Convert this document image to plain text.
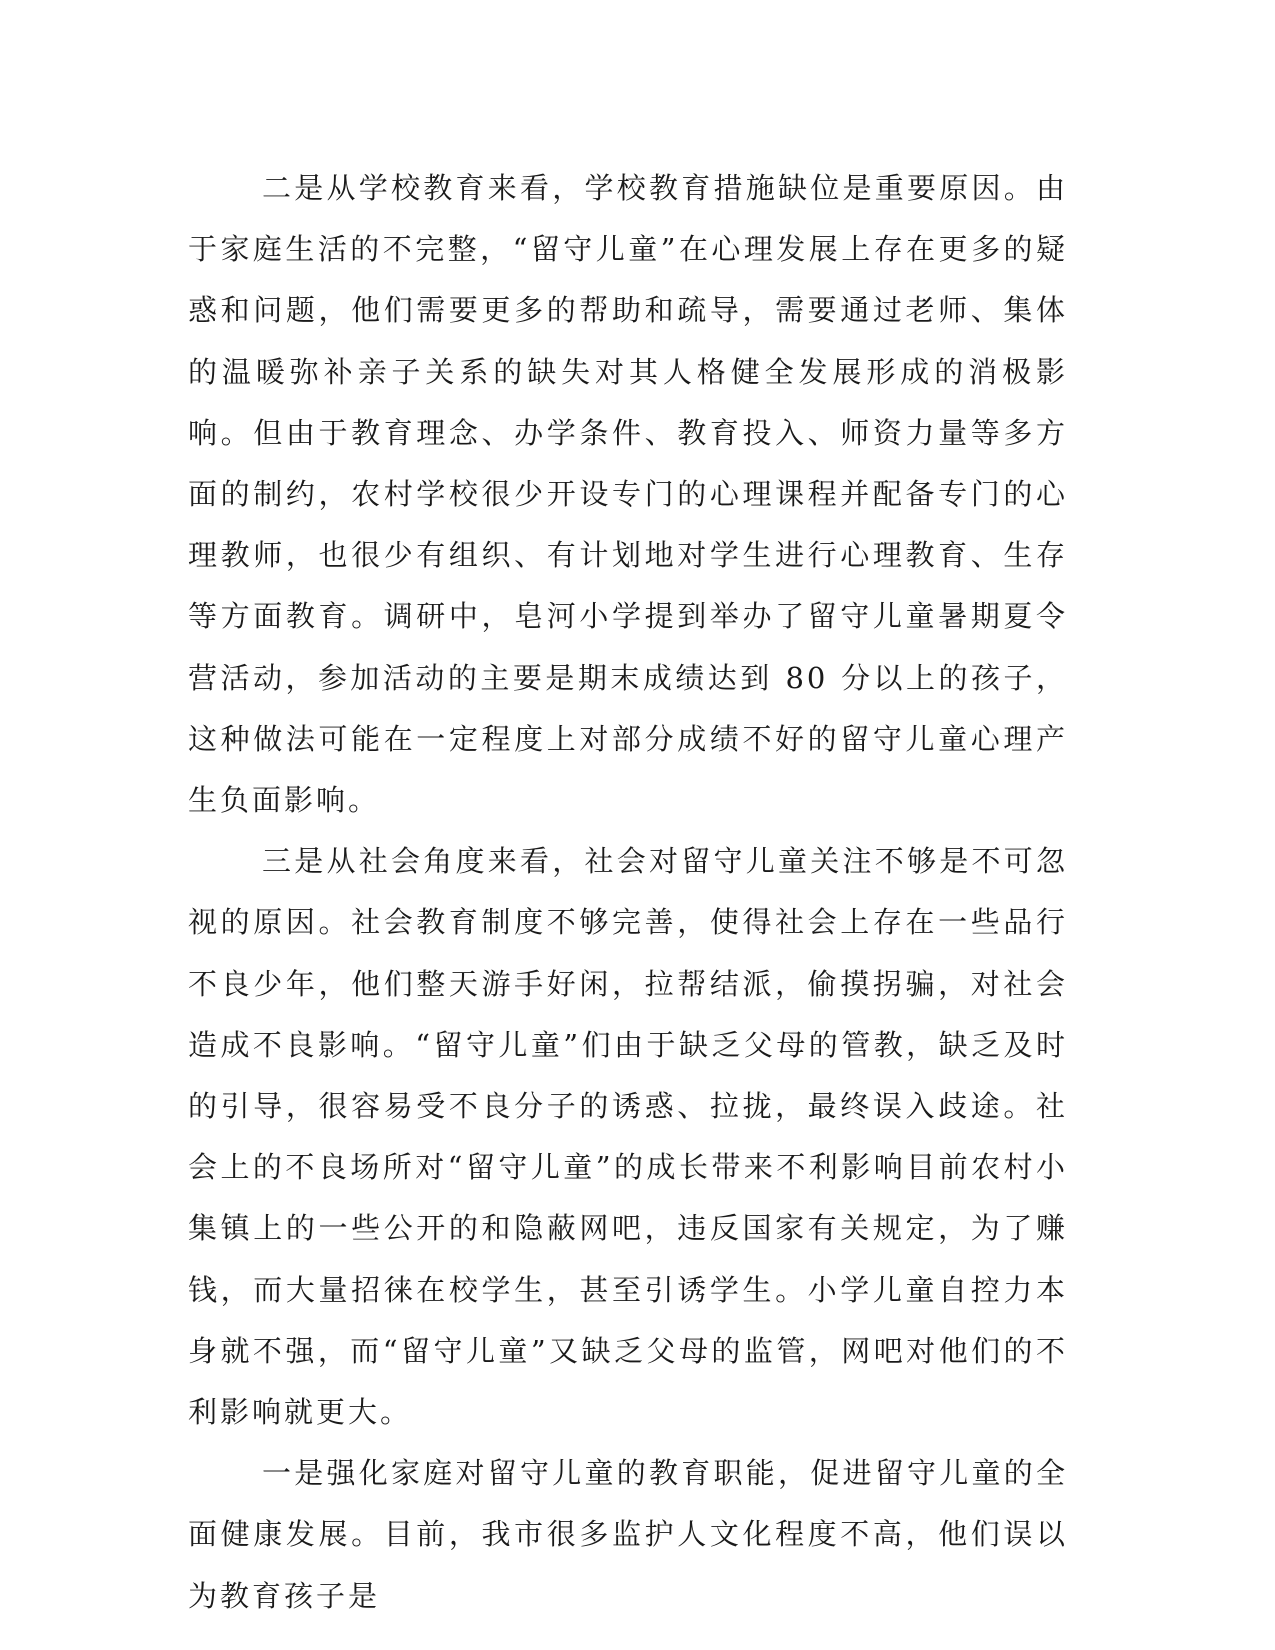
二是从学校教育来看，学校教育措施缺位是重要原因。由于家庭生活的不完整，“留守儿童”在心理发展上存在更多的疑惑和问题，他们需要更多的帮助和疏导，需要通过老师、集体的温暖弥补亲子关系的缺失对其人格健全发展形成的消极影响。但由于教育理念、办学条件、教育投入、师资力量等多方面的制约，农村学校很少开设专门的心理课程并配备专门的心理教师，也很少有组织、有计划地对学生进行心理教育、生存等方面教育。调研中，皂河小学提到举办了留守儿童暑期夏令营活动，参加活动的主要是期末成绩达到 80 分以上的孩子，这种做法可能在一定程度上对部分成绩不好的留守儿童心理产生负面影响。

三是从社会角度来看，社会对留守儿童关注不够是不可忽视的原因。社会教育制度不够完善，使得社会上存在一些品行不良少年，他们整天游手好闲，拉帮结派，偷摸拐骗，对社会造成不良影响。“留守儿童”们由于缺乏父母的管教，缺乏及时的引导，很容易受不良分子的诱惑、拉拢，最终误入歧途。社会上的不良场所对“留守儿童”的成长带来不利影响目前农村小集镇上的一些公开的和隐蔽网吧，违反国家有关规定，为了赚钱，而大量招徕在校学生，甚至引诱学生。小学儿童自控力本身就不强，而“留守儿童”又缺乏父母的监管，网吧对他们的不利影响就更大。

一是强化家庭对留守儿童的教育职能，促进留守儿童的全面健康发展。目前，我市很多监护人文化程度不高，他们误以为教育孩子是
